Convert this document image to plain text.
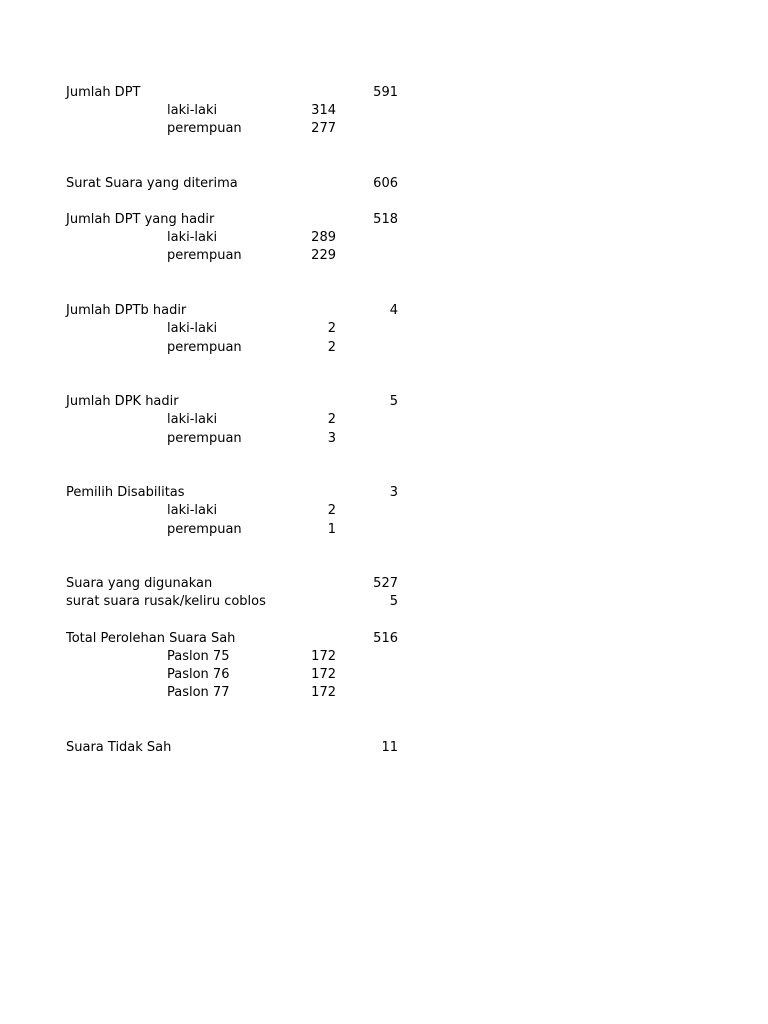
Jumlah DPT	591
laki-laki	314
perempuan	277
Surat Suara yang diterima	606
Jumlah DPT yang hadir	518
laki-laki	289
perempuan	229
Jumlah DPTb hadir	4
laki-laki	2
perempuan	2
Jumlah DPK hadir	5
laki-laki	2
perempuan	3
Pemilih Disabilitas	3
laki-laki	2
perempuan	1
Suara yang digunakan	527
surat suara rusak/keliru coblos	5
Total Perolehan Suara Sah	516
Paslon 75	172
Paslon 76	172
Paslon 77	172
Suara Tidak Sah	11
